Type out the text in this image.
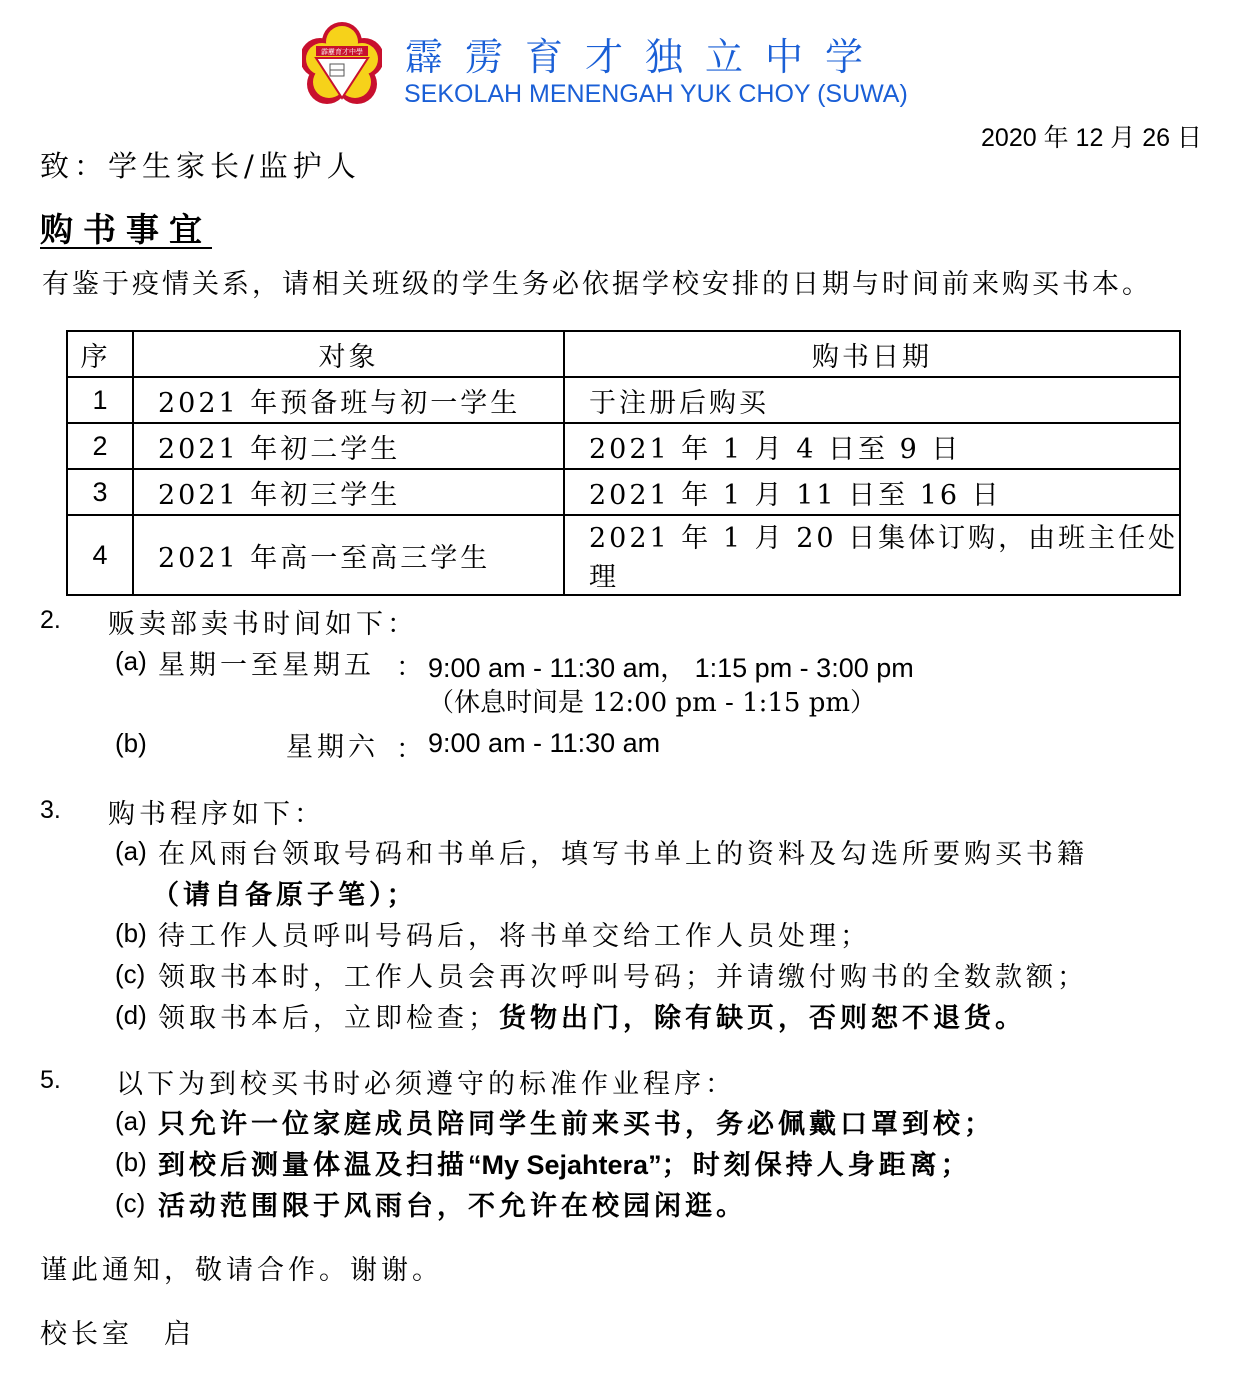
霹靂育才中學 霹雳育才独立中学
SEKOLAH MENENGAH YUK CHOY (SUWA)
2020 年 12 月 26 日
致：学生家长/监护人
购书事宜
有鉴于疫情关系，请相关班级的学生务必依据学校安排的日期与时间前来购买书本。
序	对象	购书日期
1	2021 年预备班与初一学生	于注册后购买
2	2021 年初二学生	2021 年 1 月 4 日至 9 日
3	2021 年初三学生	2021 年 1 月 11 日至 16 日
4	2021 年高一至高三学生	2021 年 1 月 20 日集体订购，由班主任处理
2. 贩卖部卖书时间如下：
(a) 星期一至星期五 ： 9:00 am - 11:30 am， 1:15 pm - 3:00 pm
（休息时间是 12:00 pm - 1:15 pm）
(b)	星期六 ： 9:00 am - 11:30 am
3. 购书程序如下：
(a) 在风雨台领取号码和书单后，填写书单上的资料及勾选所要购买书籍
（请自备原子笔）；
(b) 待工作人员呼叫号码后，将书单交给工作人员处理；
(c) 领取书本时，工作人员会再次呼叫号码；并请缴付购书的全数款额；
(d) 领取书本后，立即检查；货物出门，除有缺页，否则恕不退货。
5. 以下为到校买书时必须遵守的标准作业程序：
(a) 只允许一位家庭成员陪同学生前来买书，务必佩戴口罩到校；
(b) 到校后测量体温及扫描“My Sejahtera”；时刻保持人身距离；
(c) 活动范围限于风雨台，不允许在校园闲逛。
谨此通知，敬请合作。谢谢。
校长室　启
